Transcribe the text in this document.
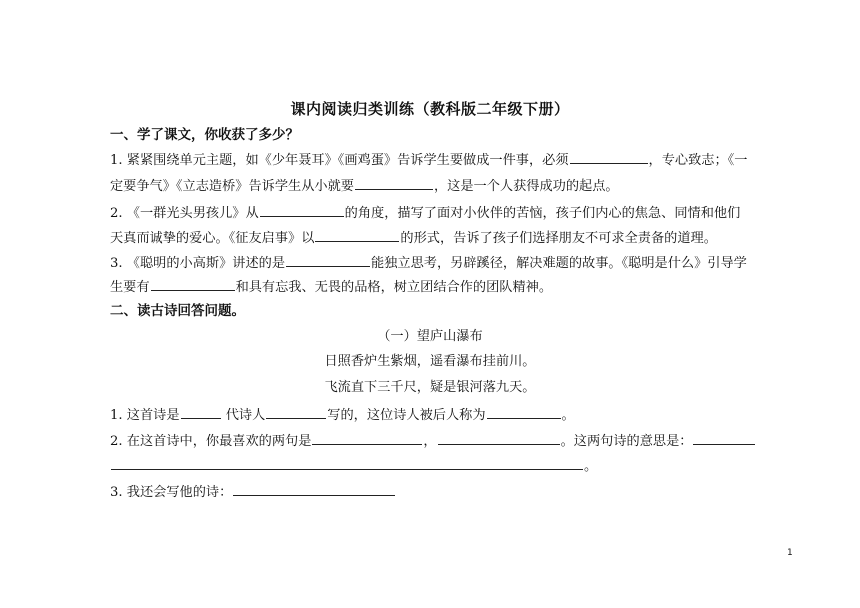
课内阅读归类训练（教科版二年级下册）
一、学了课文，你收获了多少？
1. 紧紧围绕单元主题，如《少年聂耳》《画鸡蛋》告诉学生要做成一件事，必须	，专心致志；《一
定要争气》《立志造桥》告诉学生从小就要	，这是一个人获得成功的起点。
2. 《一群光头男孩儿》从	的角度，描写了面对小伙伴的苦恼，孩子们内心的焦急、同情和他们
天真而诚挚的爱心。《征友启事》以	的形式，告诉了孩子们选择朋友不可求全责备的道理。
3. 《聪明的小高斯》讲述的是	能独立思考，另辟蹊径，解决难题的故事。《聪明是什么》引导学
生要有	和具有忘我、无畏的品格，树立团结合作的团队精神。
二、读古诗回答问题。
（一）望庐山瀑布
日照香炉生紫烟，遥看瀑布挂前川。
飞流直下三千尺，疑是银河落九天。
1. 这首诗是	代诗人	写的，这位诗人被后人称为	。
2. 在这首诗中，你最喜欢的两句是	，	。这两句诗的意思是：
。
3. 我还会写他的诗：
1
